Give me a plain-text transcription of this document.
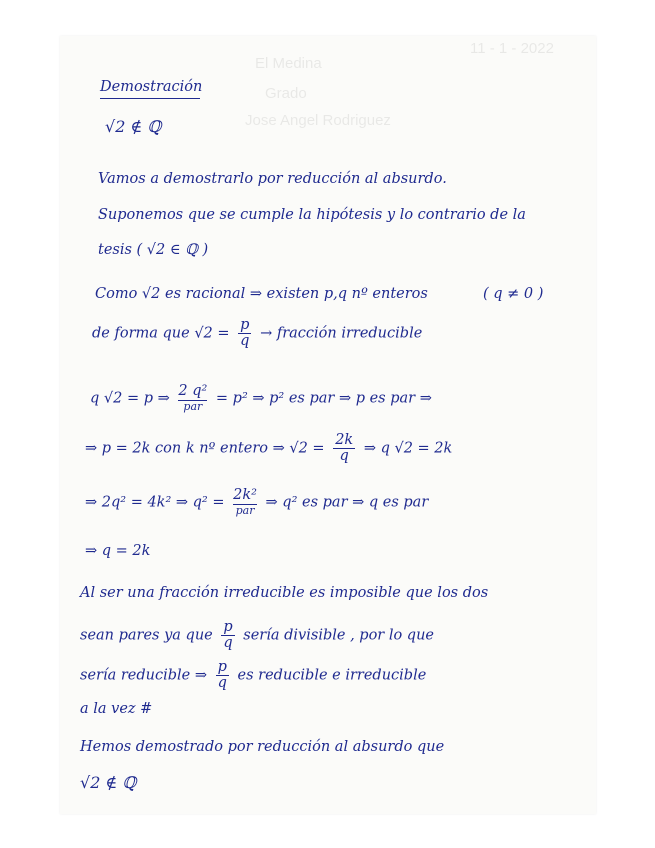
11 - 1 - 2022
El Medina
Grado
Jose Angel Rodriguez
Demostración
√2 ∉ ℚ
Vamos a demostrarlo por reducción al absurdo.
Suponemos que se cumple la hipótesis y lo contrario de la
tesis ( √2 ∈ ℚ )
Como √2 es racional ⇒ existen p,q nº enteros	( q ≠ 0 )
de forma que $√2 = \frac{p}{q}$ → fracción irreducible
q √2 = p ⇒ $\frac{\text{2 q²}}{\text{par}} = p^2$ ⇒ p² es par ⇒ p es par ⇒
⇒ p = 2k con k nº entero ⇒ $√2 = \frac{2k}{q}$ ⇒ q √2 = 2k
⇒ 2q² = 4k² ⇒ $q^2 = \frac{\text{2k²}}{\text{par}}$ ⇒ q² es par ⇒ q es par
⇒ q = 2k
Al ser una fracción irreducible es imposible que los dos
sean pares ya que $\frac{p}{q}$ sería divisible , por lo que
sería reducible ⇒ $\frac{p}{q}$ es reducible e irreducible
a la vez #
Hemos demostrado por reducción al absurdo que
√2 ∉ ℚ
